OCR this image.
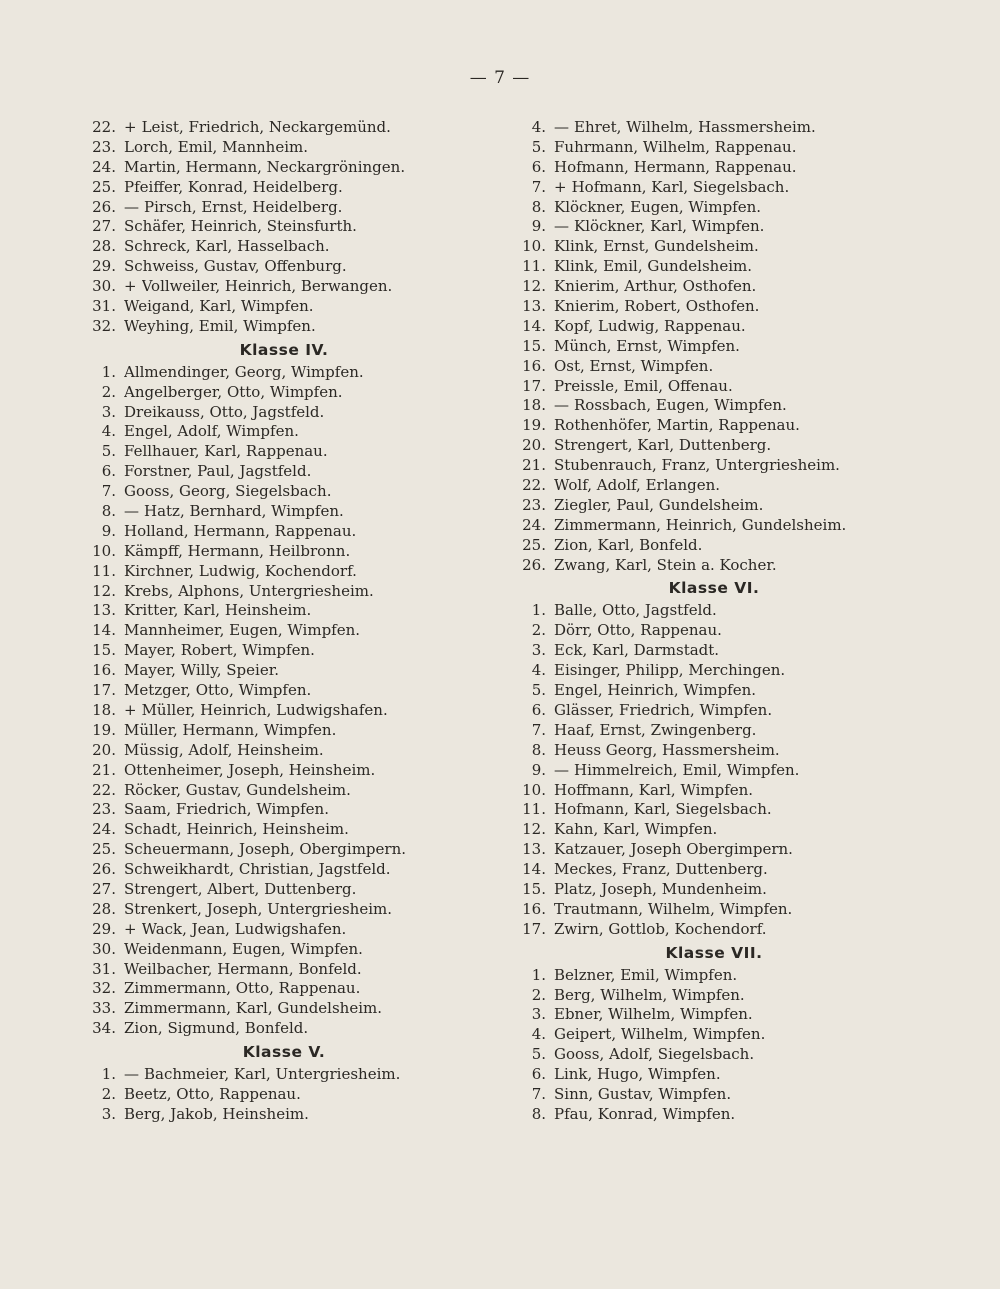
— 7 —
22. + Leist, Friedrich, Neckargemünd.
23. Lorch, Emil, Mannheim.
24. Martin, Hermann, Neckargröningen.
25. Pfeiffer, Konrad, Heidelberg.
26. — Pirsch, Ernst, Heidelberg.
27. Schäfer, Heinrich, Steinsfurth.
28. Schreck, Karl, Hasselbach.
29. Schweiss, Gustav, Offenburg.
30. + Vollweiler, Heinrich, Berwangen.
31. Weigand, Karl, Wimpfen.
32. Weyhing, Emil, Wimpfen.
Klasse IV.
1. Allmendinger, Georg, Wimpfen.
2. Angelberger, Otto, Wimpfen.
3. Dreikauss, Otto, Jagstfeld.
4. Engel, Adolf, Wimpfen.
5. Fellhauer, Karl, Rappenau.
6. Forstner, Paul, Jagstfeld.
7. Gooss, Georg, Siegelsbach.
8. — Hatz, Bernhard, Wimpfen.
9. Holland, Hermann, Rappenau.
10. Kämpff, Hermann, Heilbronn.
11. Kirchner, Ludwig, Kochendorf.
12. Krebs, Alphons, Untergriesheim.
13. Kritter, Karl, Heinsheim.
14. Mannheimer, Eugen, Wimpfen.
15. Mayer, Robert, Wimpfen.
16. Mayer, Willy, Speier.
17. Metzger, Otto, Wimpfen.
18. + Müller, Heinrich, Ludwigshafen.
19. Müller, Hermann, Wimpfen.
20. Müssig, Adolf, Heinsheim.
21. Ottenheimer, Joseph, Heinsheim.
22. Röcker, Gustav, Gundelsheim.
23. Saam, Friedrich, Wimpfen.
24. Schadt, Heinrich, Heinsheim.
25. Scheuermann, Joseph, Obergimpern.
26. Schweikhardt, Christian, Jagstfeld.
27. Strengert, Albert, Duttenberg.
28. Strenkert, Joseph, Untergriesheim.
29. + Wack, Jean, Ludwigshafen.
30. Weidenmann, Eugen, Wimpfen.
31. Weilbacher, Hermann, Bonfeld.
32. Zimmermann, Otto, Rappenau.
33. Zimmermann, Karl, Gundelsheim.
34. Zion, Sigmund, Bonfeld.
Klasse V.
1. — Bachmeier, Karl, Untergriesheim.
2. Beetz, Otto, Rappenau.
3. Berg, Jakob, Heinsheim.
4. — Ehret, Wilhelm, Hassmersheim.
5. Fuhrmann, Wilhelm, Rappenau.
6. Hofmann, Hermann, Rappenau.
7. + Hofmann, Karl, Siegelsbach.
8. Klöckner, Eugen, Wimpfen.
9. — Klöckner, Karl, Wimpfen.
10. Klink, Ernst, Gundelsheim.
11. Klink, Emil, Gundelsheim.
12. Knierim, Arthur, Osthofen.
13. Knierim, Robert, Osthofen.
14. Kopf, Ludwig, Rappenau.
15. Münch, Ernst, Wimpfen.
16. Ost, Ernst, Wimpfen.
17. Preissle, Emil, Offenau.
18. — Rossbach, Eugen, Wimpfen.
19. Rothenhöfer, Martin, Rappenau.
20. Strengert, Karl, Duttenberg.
21. Stubenrauch, Franz, Untergriesheim.
22. Wolf, Adolf, Erlangen.
23. Ziegler, Paul, Gundelsheim.
24. Zimmermann, Heinrich, Gundelsheim.
25. Zion, Karl, Bonfeld.
26. Zwang, Karl, Stein a. Kocher.
Klasse VI.
1. Balle, Otto, Jagstfeld.
2. Dörr, Otto, Rappenau.
3. Eck, Karl, Darmstadt.
4. Eisinger, Philipp, Merchingen.
5. Engel, Heinrich, Wimpfen.
6. Glässer, Friedrich, Wimpfen.
7. Haaf, Ernst, Zwingenberg.
8. Heuss Georg, Hassmersheim.
9. — Himmelreich, Emil, Wimpfen.
10. Hoffmann, Karl, Wimpfen.
11. Hofmann, Karl, Siegelsbach.
12. Kahn, Karl, Wimpfen.
13. Katzauer, Joseph Obergimpern.
14. Meckes, Franz, Duttenberg.
15. Platz, Joseph, Mundenheim.
16. Trautmann, Wilhelm, Wimpfen.
17. Zwirn, Gottlob, Kochendorf.
Klasse VII.
1. Belzner, Emil, Wimpfen.
2. Berg, Wilhelm, Wimpfen.
3. Ebner, Wilhelm, Wimpfen.
4. Geipert, Wilhelm, Wimpfen.
5. Gooss, Adolf, Siegelsbach.
6. Link, Hugo, Wimpfen.
7. Sinn, Gustav, Wimpfen.
8. Pfau, Konrad, Wimpfen.
